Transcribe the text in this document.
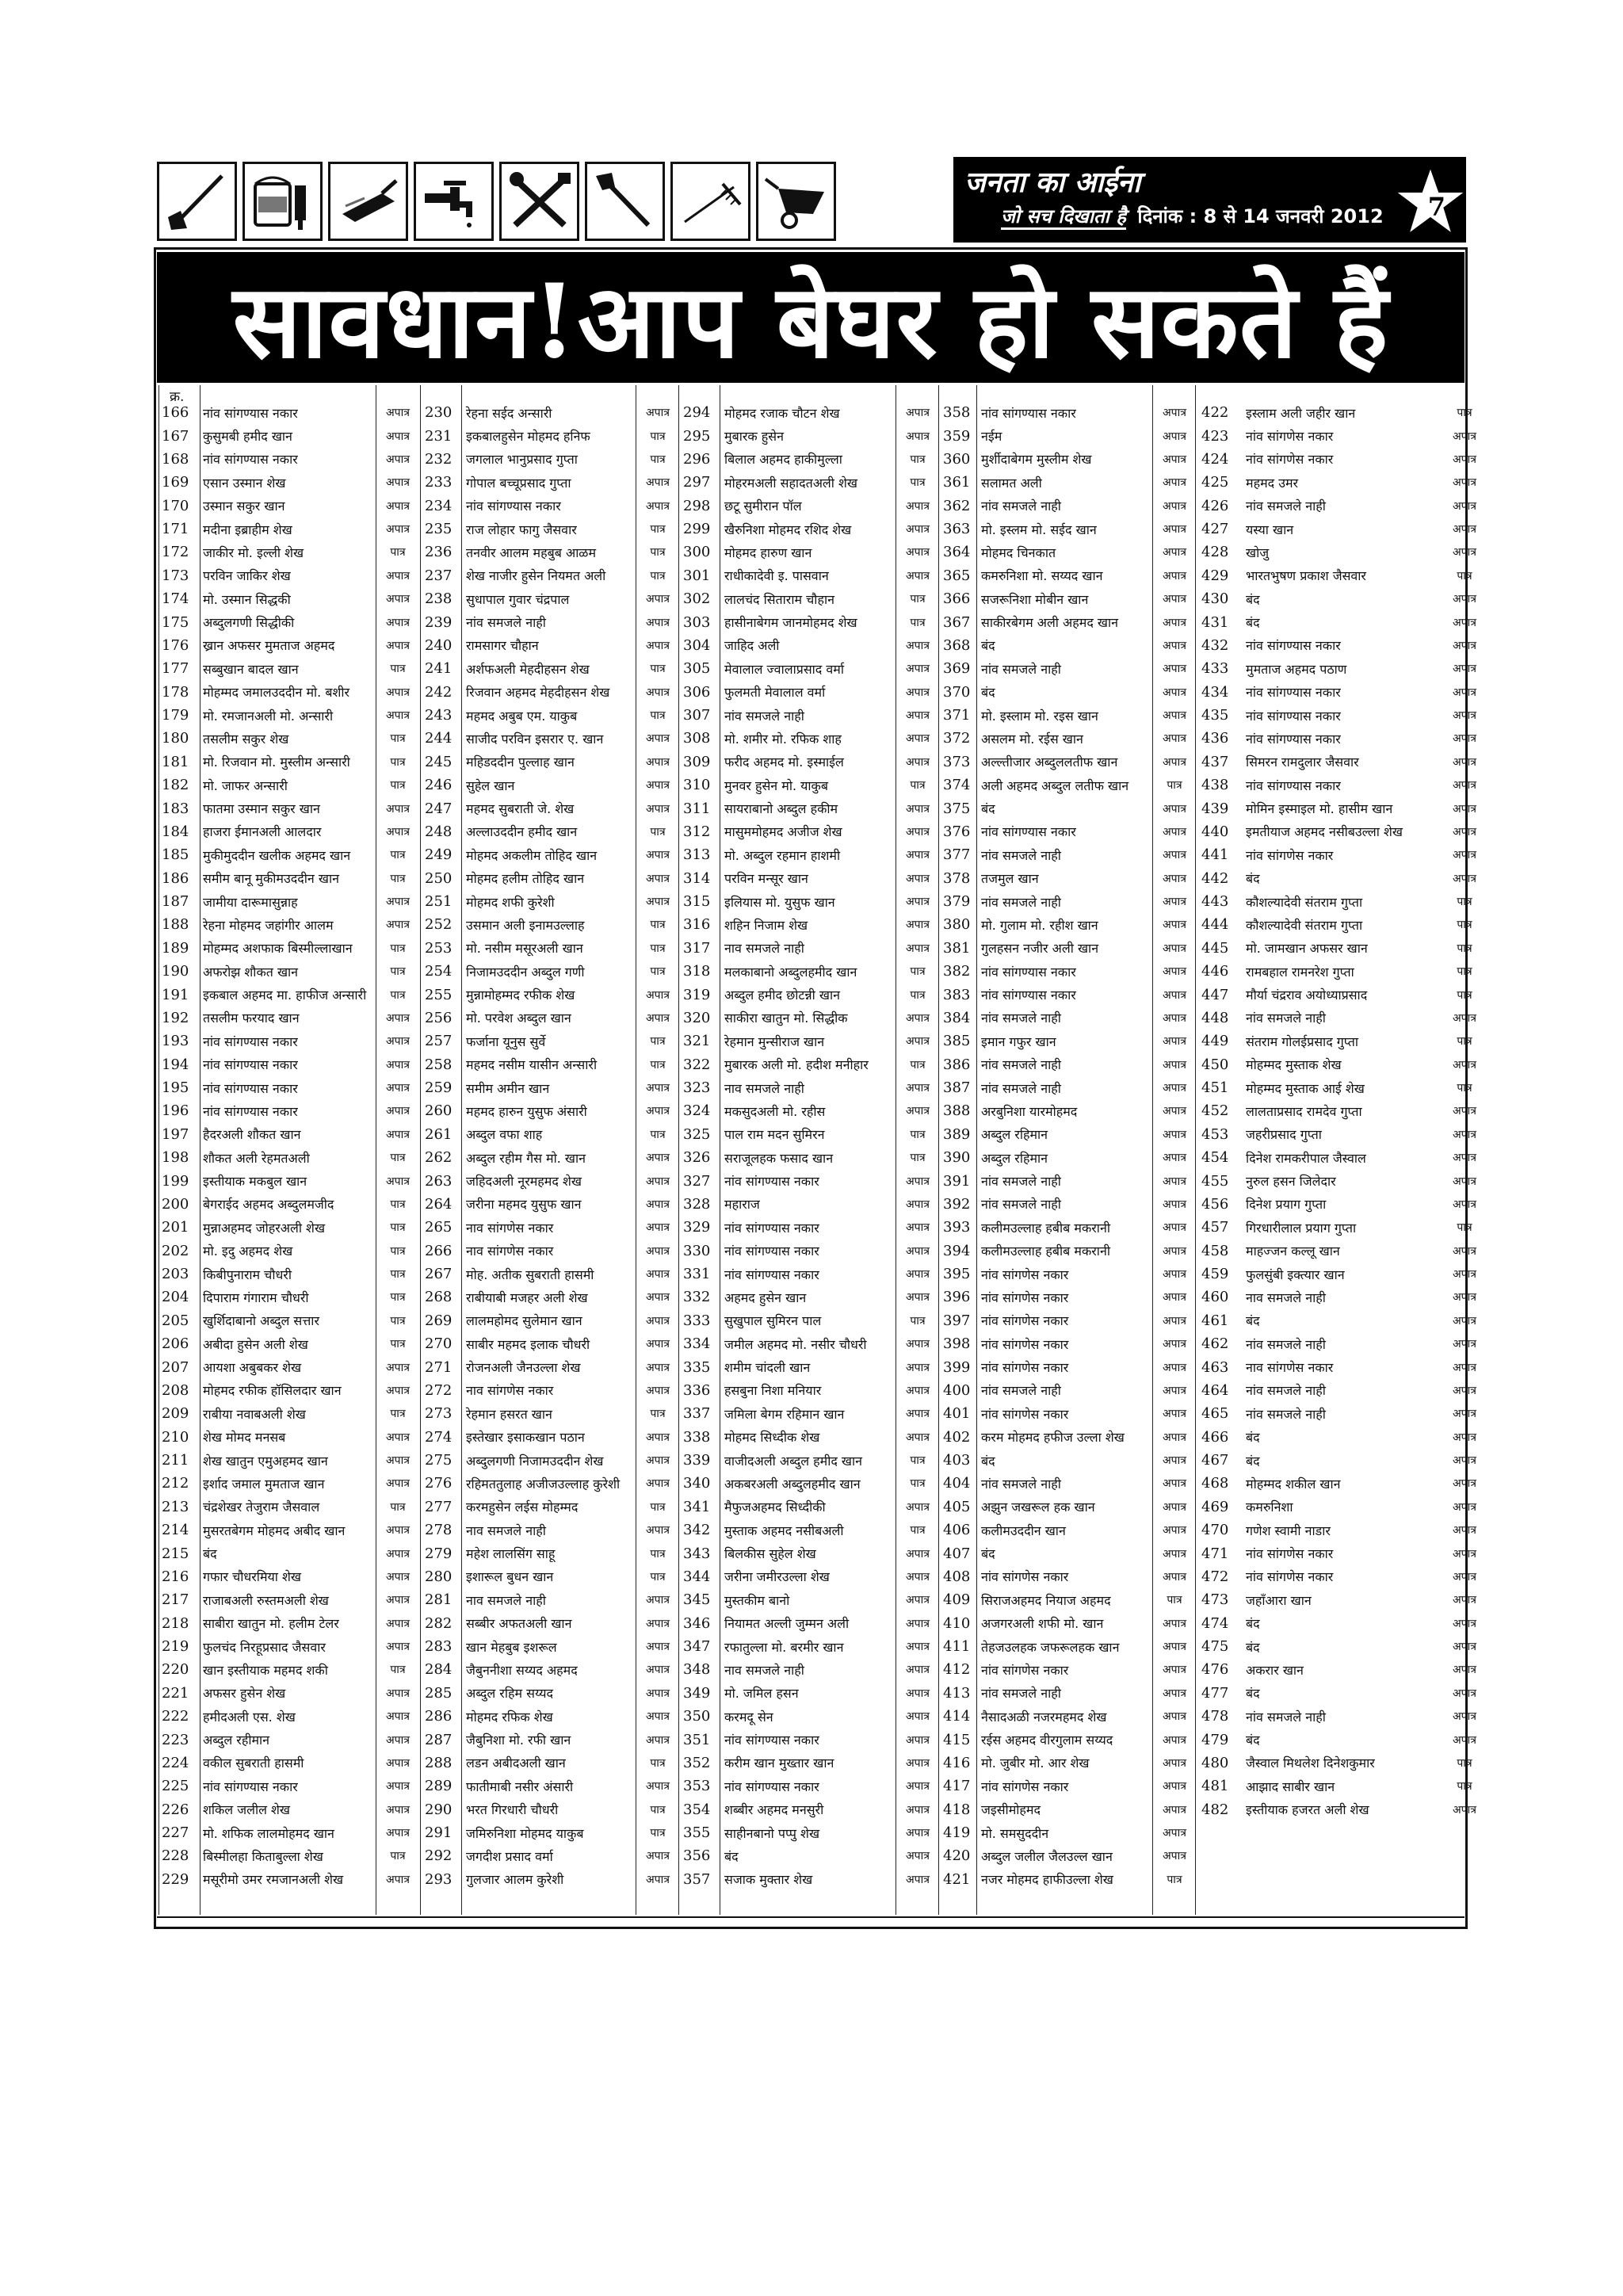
जनता का आईना
जो सच दिखाता है दिनांक : 8 से 14 जनवरी 2012 7
सावधान!आप बेघर हो सकते हैं
क्र.
166	नांव सांगण्यास नकार	अपात्र
167	कुसुमबी हमीद खान	अपात्र
168	नांव सांगण्यास नकार	अपात्र
169	एसान उस्मान शेख	अपात्र
170	उस्मान सकुर खान	अपात्र
171	मदीना इब्राहीम शेख	अपात्र
172	जाकीर मो. इल्ली शेख	पात्र
173	परविन जाकिर शेख	अपात्र
174	मो. उस्मान सिद्धकी	अपात्र
175	अब्दुलगणी सिद्धीकी	अपात्र
176	ख्रान अफसर मुमताज अहमद	अपात्र
177	सब्बुखान बादल खान	पात्र
178	मोहम्मद जमालउददीन मो. बशीर	अपात्र
179	मो. रमजानअली मो. अन्सारी	अपात्र
180	तसलीम सकुर शेख	पात्र
181	मो. रिजवान मो. मुस्लीम अन्सारी	पात्र
182	मो. जाफर अन्सारी	पात्र
183	फातमा उस्मान सकुर खान	अपात्र
184	हाजरा ईमानअली आलदार	अपात्र
185	मुकीमुददीन खलीक अहमद खान	पात्र
186	समीम बानू मुकीमउददीन खान	पात्र
187	जामीया दारूमासुन्नाह	अपात्र
188	रेहना मोहमद जहांगीर आलम	अपात्र
189	मोहम्मद अशफाक बिस्मील्लाखान	पात्र
190	अफरोझ शौकत खान	पात्र
191	इकबाल अहमद मा. हाफीज अन्सारी	पात्र
192	तसलीम फरयाद खान	अपात्र
193	नांव सांगण्यास नकार	अपात्र
194	नांव सांगण्यास नकार	अपात्र
195	नांव सांगण्यास नकार	अपात्र
196	नांव सांगण्यास नकार	अपात्र
197	हैदरअली शौकत खान	अपात्र
198	शौकत अली रेहमतअली	पात्र
199	इस्तीयाक मकबुल खान	अपात्र
200	बेगराईद अहमद अब्दुलमजीद	पात्र
201	मुन्नाअहमद जोहरअली शेख	पात्र
202	मो. इदु अहमद शेख	पात्र
203	किबीपुनाराम चौधरी	पात्र
204	दिपाराम गंगाराम चौधरी	पात्र
205	खुर्शिदाबानो अब्दुल सत्तार	पात्र
206	अबीदा हुसेन अली शेख	पात्र
207	आयशा अबुबकर शेख	अपात्र
208	मोहमद रफीक हॉसिलदार खान	अपात्र
209	राबीया नवाबअली शेख	पात्र
210	शेख मोमद मनसब	अपात्र
211	शेख खातुन एमुअहमद खान	अपात्र
212	इर्शाद जमाल मुमताज खान	अपात्र
213	चंद्रशेखर तेजुराम जैसवाल	पात्र
214	मुसरतबेगम मोहमद अबीद खान	अपात्र
215	बंद	अपात्र
216	गफार चौधरमिया शेख	अपात्र
217	राजाबअली रुस्तमअली शेख	अपात्र
218	साबीरा खातुन मो. हलीम टेलर	अपात्र
219	फुलचंद निरहूप्रसाद जैसवार	अपात्र
220	खान इस्तीयाक महमद शकी	पात्र
221	अफसर हुसेन शेख	अपात्र
222	हमीदअली एस. शेख	अपात्र
223	अब्दुल रहीमान	अपात्र
224	वकील सुबराती हासमी	अपात्र
225	नांव सांगण्यास नकार	अपात्र
226	शकिल जलील शेख	अपात्र
227	मो. शफिक लालमोहमद खान	अपात्र
228	बिस्मीलहा किताबुल्ला शेख	पात्र
229	मसूरीमो उमर रमजानअली शेख	अपात्र
230	रेहना सईद अन्सारी	अपात्र
231	इकबालहुसेन मोहमद हनिफ	पात्र
232	जगलाल भानुप्रसाद गुप्ता	पात्र
233	गोपाल बच्चूप्रसाद गुप्ता	अपात्र
234	नांव सांगण्यास नकार	अपात्र
235	राज लोहार फागु जैसवार	पात्र
236	तनवीर आलम महबुब आळम	पात्र
237	शेख नाजीर हुसेन नियमत अली	पात्र
238	सुधापाल गुवार चंद्रपाल	अपात्र
239	नांव समजले नाही	अपात्र
240	रामसागर चौहान	अपात्र
241	अर्शफअली मेहदीहसन शेख	पात्र
242	रिजवान अहमद मेहदीहसन शेख	अपात्र
243	महमद अबुब एम. याकुब	पात्र
244	साजीद परविन इसरार ए. खान	अपात्र
245	महिडददीन पुल्लाह खान	अपात्र
246	सुहेल खान	अपात्र
247	महमद सुबराती जे. शेख	अपात्र
248	अल्लाउददीन हमीद खान	पात्र
249	मोहमद अकलीम तोहिद खान	अपात्र
250	मोहमद हलीम तोहिद खान	अपात्र
251	मोहमद शफी कुरेशी	अपात्र
252	उसमान अली इनामउल्लाह	पात्र
253	मो. नसीम मसूरअली खान	पात्र
254	निजामउददीन अब्दुल गणी	पात्र
255	मुन्नामोहम्मद रफीक शेख	अपात्र
256	मो. परवेश अब्दुल खान	अपात्र
257	फर्जाना यूनुस सुर्वे	पात्र
258	महमद नसीम यासीन अन्सारी	पात्र
259	समीम अमीन खान	अपात्र
260	महमद हारुन युसुफ अंसारी	अपात्र
261	अब्दुल वफा शाह	पात्र
262	अब्दुल रहीम गैस मो. खान	अपात्र
263	जहिदअली नूरमहमद शेख	अपात्र
264	जरीना महमद युसुफ खान	अपात्र
265	नाव सांगणेस नकार	अपात्र
266	नाव सांगणेस नकार	अपात्र
267	मोह. अतीक सुबराती हासमी	अपात्र
268	राबीयाबी मजहर अली शेख	अपात्र
269	लालमहोमद सुलेमान खान	अपात्र
270	साबीर महमद इलाक चौधरी	अपात्र
271	रोजनअली जैनउल्ला शेख	अपात्र
272	नाव सांगणेस नकार	अपात्र
273	रेहमान हसरत खान	पात्र
274	इस्तेखार इसाकखान पठान	अपात्र
275	अब्दुलगणी निजामउददीन शेख	अपात्र
276	रहिमततुलाह अजीजउल्लाह कुरेशी	अपात्र
277	करमहुसेन लईस मोहम्मद	पात्र
278	नाव समजले नाही	अपात्र
279	महेश लालसिंग साहू	पात्र
280	इशारूल बुधन खान	पात्र
281	नाव समजले नाही	अपात्र
282	सब्बीर अफतअली खान	अपात्र
283	खान मेहबुब इशरूल	अपात्र
284	जैबुननीशा सय्यद अहमद	अपात्र
285	अब्दुल रहिम सय्यद	अपात्र
286	मोहमद रफिक शेख	अपात्र
287	जैबुनिशा मो. रफी खान	अपात्र
288	लडन अबीदअली खान	पात्र
289	फातीमाबी नसीर अंसारी	अपात्र
290	भरत गिरधारी चौधरी	पात्र
291	जमिरुनिशा मोहमद याकुब	पात्र
292	जगदीश प्रसाद वर्मा	अपात्र
293	गुलजार आलम कुरेशी	अपात्र
294	मोहमद रजाक चौटन शेख	अपात्र
295	मुबारक हुसेन	अपात्र
296	बिलाल अहमद हाकीमुल्ला	पात्र
297	मोहरमअली सहादतअली शेख	पात्र
298	छटू सुमीरान पॉल	अपात्र
299	खैरुनिशा मोहमद रशिद शेख	अपात्र
300	मोहमद हारुण खान	अपात्र
301	राधीकादेवी इ. पासवान	अपात्र
302	लालचंद सिताराम चौहान	पात्र
303	हासीनाबेगम जानमोहमद शेख	पात्र
304	जाहिद अली	अपात्र
305	मेवालाल ज्वालाप्रसाद वर्मा	अपात्र
306	फुलमती मेवालाल वर्मा	अपात्र
307	नांव समजले नाही	अपात्र
308	मो. शमीर मो. रफिक शाह	अपात्र
309	फरीद अहमद मो. इस्माईल	अपात्र
310	मुनवर हुसेन मो. याकुब	पात्र
311	सायराबानो अब्दुल हकीम	अपात्र
312	मासुममोहमद अजीज शेख	अपात्र
313	मो. अब्दुल रहमान हाशमी	अपात्र
314	परविन मन्सूर खान	अपात्र
315	इलियास मो. युसुफ खान	अपात्र
316	शहिन निजाम शेख	अपात्र
317	नाव समजले नाही	अपात्र
318	मलकाबानो अब्दुलहमीद खान	पात्र
319	अब्दुल हमीद छोटन्नी खान	पात्र
320	साकीरा खातुन मो. सिद्धीक	अपात्र
321	रेहमान मुन्सीराज खान	अपात्र
322	मुबारक अली मो. हदीश मनीहार	पात्र
323	नाव समजले नाही	अपात्र
324	मकसुदअली मो. रहीस	अपात्र
325	पाल राम मदन सुमिरन	पात्र
326	सराजूलहक फसाद खान	पात्र
327	नांव सांगण्यास नकार	अपात्र
328	महाराज	अपात्र
329	नांव सांगण्यास नकार	अपात्र
330	नांव सांगण्यास नकार	अपात्र
331	नांव सांगण्यास नकार	अपात्र
332	अहमद हुसेन खान	अपात्र
333	सुखुपाल सुमिरन पाल	पात्र
334	जमील अहमद मो. नसीर चौधरी	अपात्र
335	शमीम चांदली खान	अपात्र
336	हसबुना निशा मनियार	अपात्र
337	जमिला बेगम रहिमान खान	अपात्र
338	मोहमद सिध्दीक शेख	अपात्र
339	वाजीदअली अब्दुल हमीद खान	पात्र
340	अकबरअली अब्दुलहमीद खान	पात्र
341	मैफुजअहमद सिध्दीकी	अपात्र
342	मुस्ताक अहमद नसीबअली	पात्र
343	बिलकीस सुहेल शेख	अपात्र
344	जरीना जमीरउल्ला शेख	अपात्र
345	मुस्तकीम बानो	अपात्र
346	नियामत अल्ली जुम्मन अली	अपात्र
347	रफातुल्ला मो. बरमीर खान	अपात्र
348	नाव समजले नाही	अपात्र
349	मो. जमिल हसन	अपात्र
350	करमदू सेन	अपात्र
351	नांव सांगण्यास नकार	अपात्र
352	करीम खान मुख्तार खान	अपात्र
353	नांव सांगण्यास नकार	अपात्र
354	शब्बीर अहमद मनसुरी	अपात्र
355	साहीनबानो पप्पु शेख	अपात्र
356	बंद	अपात्र
357	सजाक मुक्तार शेख	अपात्र
358 नांव सांगण्यास नकार	अपात्र
359 नईम	अपात्र
360 मुर्शीदाबेगम मुस्लीम शेख	अपात्र
361 सलामत अली	अपात्र
362 नांव समजले नाही	अपात्र
363 मो. इस्लम मो. सईद खान	अपात्र
364 मोहमद चिनकात	अपात्र
365 कमरुनिशा मो. सय्यद खान	अपात्र
366 सजरूनिशा मोबीन खान	अपात्र
367 साकीरबेगम अली अहमद खान	अपात्र
368 बंद	अपात्र
369 नांव समजले नाही	अपात्र
370 बंद	अपात्र
371 मो. इस्लाम मो. रइस खान	अपात्र
372 असलम मो. रईस खान	अपात्र
373 अल्ल्तीजार अब्दुललतीफ खान	अपात्र
374 अली अहमद अब्दुल लतीफ खान	पात्र
375 बंद	अपात्र
376 नांव सांगण्यास नकार	अपात्र
377 नांव समजले नाही	अपात्र
378 तजमुल खान	अपात्र
379 नांव समजले नाही	अपात्र
380 मो. गुलाम मो. रहीश खान	अपात्र
381 गुलहसन नजीर अली खान	अपात्र
382 नांव सांगण्यास नकार	अपात्र
383 नांव सांगण्यास नकार	अपात्र
384 नांव समजले नाही	अपात्र
385 इमान गफुर खान	अपात्र
386 नांव समजले नाही	अपात्र
387 नांव समजले नाही	अपात्र
388 अरबुनिशा यारमोहमद	अपात्र
389 अब्दुल रहिमान	अपात्र
390 अब्दुल रहिमान	अपात्र
391 नांव समजले नाही	अपात्र
392 नांव समजले नाही	अपात्र
393 कलीमउल्लाह हबीब मकरानी	अपात्र
394 कलीमउल्लाह हबीब मकरानी	अपात्र
395 नांव सांगणेस नकार	अपात्र
396 नांव सांगणेस नकार	अपात्र
397 नांव सांगणेस नकार	अपात्र
398 नांव सांगणेस नकार	अपात्र
399 नांव सांगणेस नकार	अपात्र
400 नांव समजले नाही	अपात्र
401 नांव सांगणेस नकार	अपात्र
402 करम मोहमद हफीज उल्ला शेख	अपात्र
403 बंद	अपात्र
404 नांव समजले नाही	अपात्र
405 अझुन जखरूल हक खान	अपात्र
406 कलीमउददीन खान	अपात्र
407 बंद	अपात्र
408 नांव सांगणेस नकार	अपात्र
409 सिराजअहमद नियाज अहमद	पात्र
410 अजगरअली शफी मो. खान	अपात्र
411 तेहजउलहक जफरूलहक खान	अपात्र
412 नांव सांगणेस नकार	अपात्र
413 नांव समजले नाही	अपात्र
414 नैसादअळी नजरमहमद शेख	अपात्र
415 रईस अहमद वीरगुलाम सय्यद	अपात्र
416 मो. जुबीर मो. आर शेख	अपात्र
417 नांव सांगणेस नकार	अपात्र
418 जइसीमोहमद	अपात्र
419 मो. समसुददीन	अपात्र
420 अब्दुल जलील जैलउल्ल खान	अपात्र
421 नजर मोहमद हाफीउल्ला शेख	पात्र
422	इस्लाम अली जहीर खान	पात्र
423	नांव सांगणेस नकार	अपात्र
424	नांव सांगणेस नकार	अपात्र
425	महमद उमर	अपात्र
426	नांव समजले नाही	अपात्र
427	यस्या खान	अपात्र
428	खोजु	अपात्र
429	भारतभुषण प्रकाश जैसवार	पात्र
430	बंद	अपात्र
431	बंद	अपात्र
432	नांव सांगण्यास नकार	अपात्र
433	मुमताज अहमद पठाण	अपात्र
434	नांव सांगण्यास नकार	अपात्र
435	नांव सांगण्यास नकार	अपात्र
436	नांव सांगण्यास नकार	अपात्र
437	सिमरन रामदुलार जैसवार	अपात्र
438	नांव सांगण्यास नकार	अपात्र
439	मोमिन इस्माइल मो. हासीम खान	अपात्र
440	इमतीयाज अहमद नसीबउल्ला शेख	अपात्र
441	नांव सांगणेस नकार	अपात्र
442	बंद	अपात्र
443	कौशल्यादेवी संतराम गुप्ता	पात्र
444	कौशल्यादेवी संतराम गुप्ता	पात्र
445	मो. जामखान अफसर खान	पात्र
446	रामबहाल रामनरेश गुप्ता	पात्र
447	मौर्या चंद्रराव अयोध्याप्रसाद	पात्र
448	नांव समजले नाही	अपात्र
449	संतराम गोलईप्रसाद गुप्ता	पात्र
450	मोहम्मद मुस्ताक शेख	अपात्र
451	मोहम्मद मुस्ताक आई शेख	पात्र
452	लालताप्रसाद रामदेव गुप्ता	अपात्र
453	जहरीप्रसाद गुप्ता	अपात्र
454	दिनेश रामकरीपाल जैस्वाल	अपात्र
455	नुरुल हसन जिलेदार	अपात्र
456	दिनेश प्रयाग गुप्ता	अपात्र
457	गिरधारीलाल प्रयाग गुप्ता	पात्र
458	माहज्जन कल्लू खान	अपात्र
459	फुलसुंबी इक्त्यार खान	अपात्र
460	नाव समजले नाही	अपात्र
461	बंद	अपात्र
462	नांव समजले नाही	अपात्र
463	नाव सांगणेस नकार	अपात्र
464	नांव समजले नाही	अपात्र
465	नांव समजले नाही	अपात्र
466	बंद	अपात्र
467	बंद	अपात्र
468	मोहम्मद शकील खान	अपात्र
469	कमरुनिशा	अपात्र
470	गणेश स्वामी नाडार	अपात्र
471	नांव सांगणेस नकार	अपात्र
472	नांव सांगणेस नकार	अपात्र
473	जहाँआरा खान	अपात्र
474	बंद	अपात्र
475	बंद	अपात्र
476	अकरार खान	अपात्र
477	बंद	अपात्र
478	नांव समजले नाही	अपात्र
479	बंद	अपात्र
480	जैस्वाल मिथलेश दिनेशकुमार	पात्र
481	आझाद साबीर खान	पात्र
482	इस्तीयाक हजरत अली शेख	अपात्र
